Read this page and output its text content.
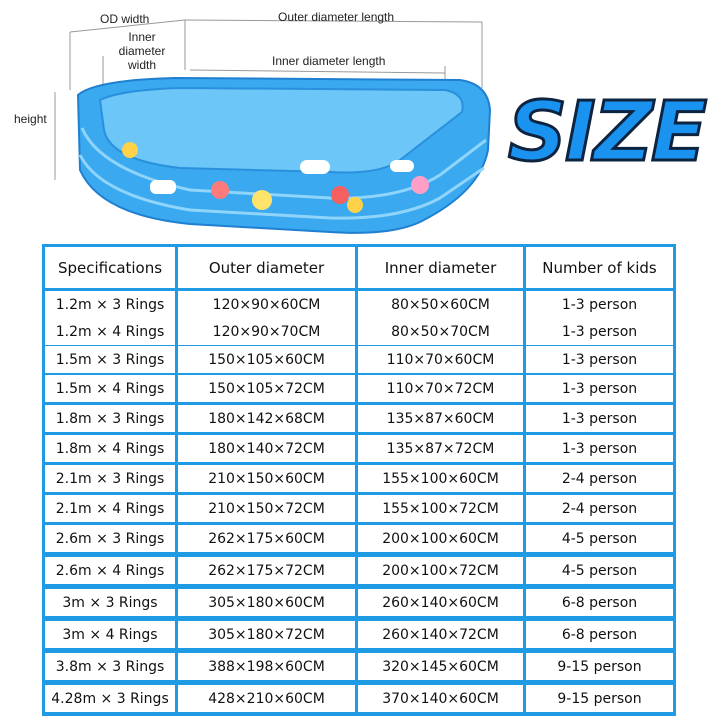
OD width
Inner diameter width
Outer diameter length
Inner diameter length
height	SIZE
Specifications	Outer diameter	Inner diameter	Number of kids
1.2m × 3 Rings	120×90×60CM	80×50×60CM	1-3 person
1.2m × 4 Rings	120×90×70CM	80×50×70CM	1-3 person
1.5m × 3 Rings	150×105×60CM	110×70×60CM	1-3 person
1.5m × 4 Rings	150×105×72CM	110×70×72CM	1-3 person
1.8m × 3 Rings	180×142×68CM	135×87×60CM	1-3 person
1.8m × 4 Rings	180×140×72CM	135×87×72CM	1-3 person
2.1m × 3 Rings	210×150×60CM	155×100×60CM	2-4 person
2.1m × 4 Rings	210×150×72CM	155×100×72CM	2-4 person
2.6m × 3 Rings	262×175×60CM	200×100×60CM	4-5 person
2.6m × 4 Rings	262×175×72CM	200×100×72CM	4-5 person
3m × 3 Rings	305×180×60CM	260×140×60CM	6-8 person
3m × 4 Rings	305×180×72CM	260×140×72CM	6-8 person
3.8m × 3 Rings	388×198×60CM	320×145×60CM	9-15 person
4.28m × 3 Rings	428×210×60CM	370×140×60CM	9-15 person
